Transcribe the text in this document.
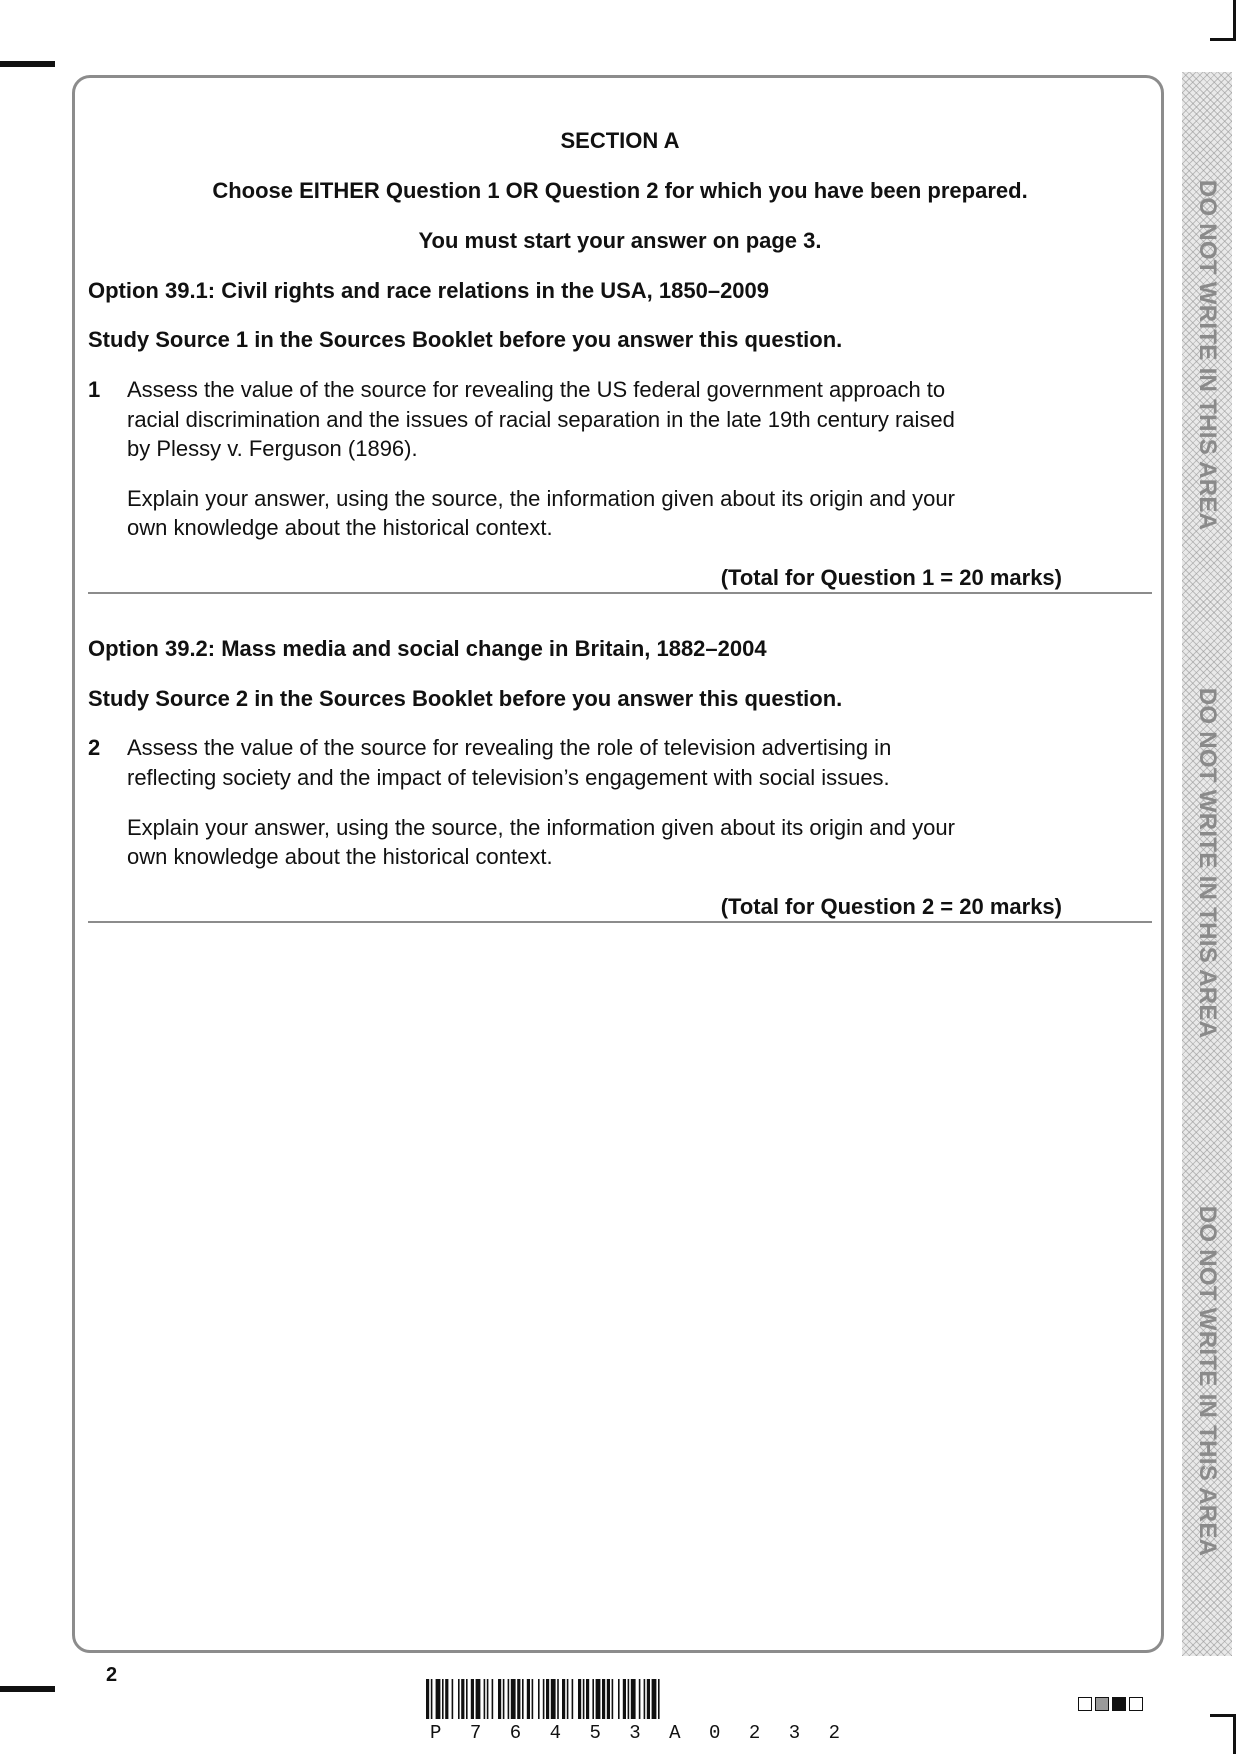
DO NOT WRITE IN THIS AREA
DO NOT WRITE IN THIS AREA
DO NOT WRITE IN THIS AREA
SECTION A
Choose EITHER Question 1 OR Question 2 for which you have been prepared.
You must start your answer on page 3.
Option 39.1: Civil rights and race relations in the USA, 1850–2009
Study Source 1 in the Sources Booklet before you answer this question.
1 Assess the value of the source for revealing the US federal government approach to
racial discrimination and the issues of racial separation in the late 19th century raised
by Plessy v. Ferguson (1896).
Explain your answer, using the source, the information given about its origin and your
own knowledge about the historical context.
(Total for Question 1 = 20 marks)
Option 39.2: Mass media and social change in Britain, 1882–2004
Study Source 2 in the Sources Booklet before you answer this question.
2 Assess the value of the source for revealing the role of television advertising in
reflecting society and the impact of television’s engagement with social issues.
Explain your answer, using the source, the information given about its origin and your
own knowledge about the historical context.
(Total for Question 2 = 20 marks)
2
P 7 6 4 5 3 A 0 2 3 2
